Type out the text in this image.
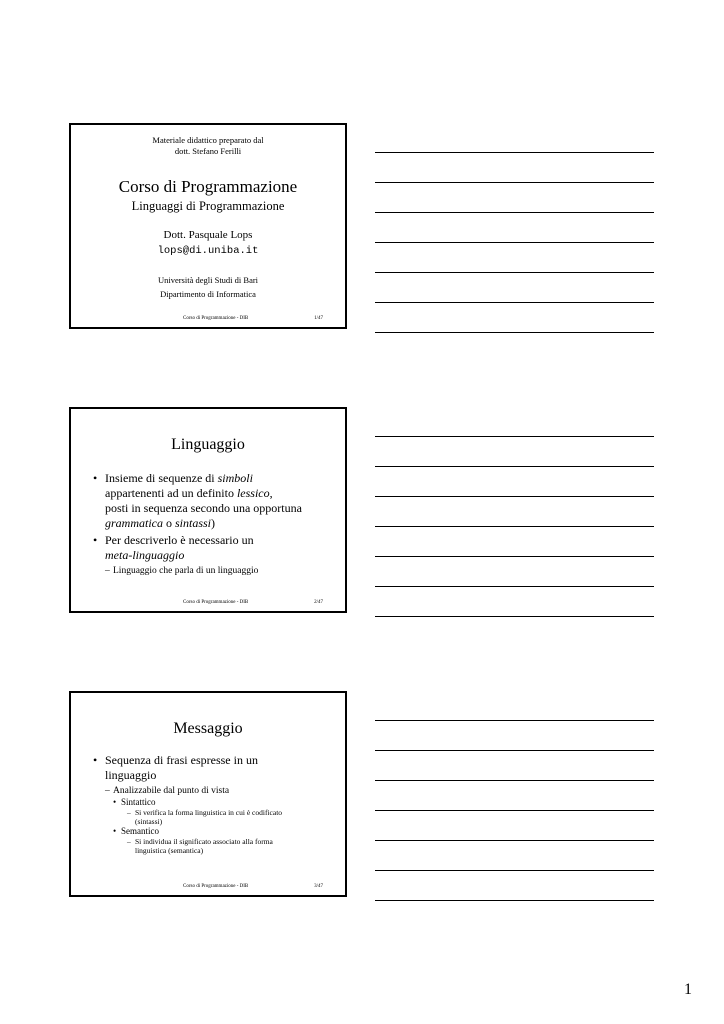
Materiale didattico preparato dal
dott. Stefano Ferilli
Corso di Programmazione
Linguaggi di Programmazione
Dott. Pasquale Lops
lops@di.uniba.it
Università degli Studi di Bari
Dipartimento di Informatica
Corso di Programmazione - DIB	1/47
Linguaggio
• Insieme di sequenze di simboli
appartenenti ad un definito lessico,
posti in sequenza secondo una opportuna
grammatica o sintassi)
• Per descriverlo è necessario un
meta-linguaggio
– Linguaggio che parla di un linguaggio
Corso di Programmazione - DIB	2/47
Messaggio
• Sequenza di frasi espresse in un
linguaggio
– Analizzabile dal punto di vista
• Sintattico
– Si verifica la forma linguistica in cui è codificato
(sintassi)
• Semantico
– Si individua il significato associato alla forma
linguistica (semantica)
Corso di Programmazione - DIB	3/47
1
